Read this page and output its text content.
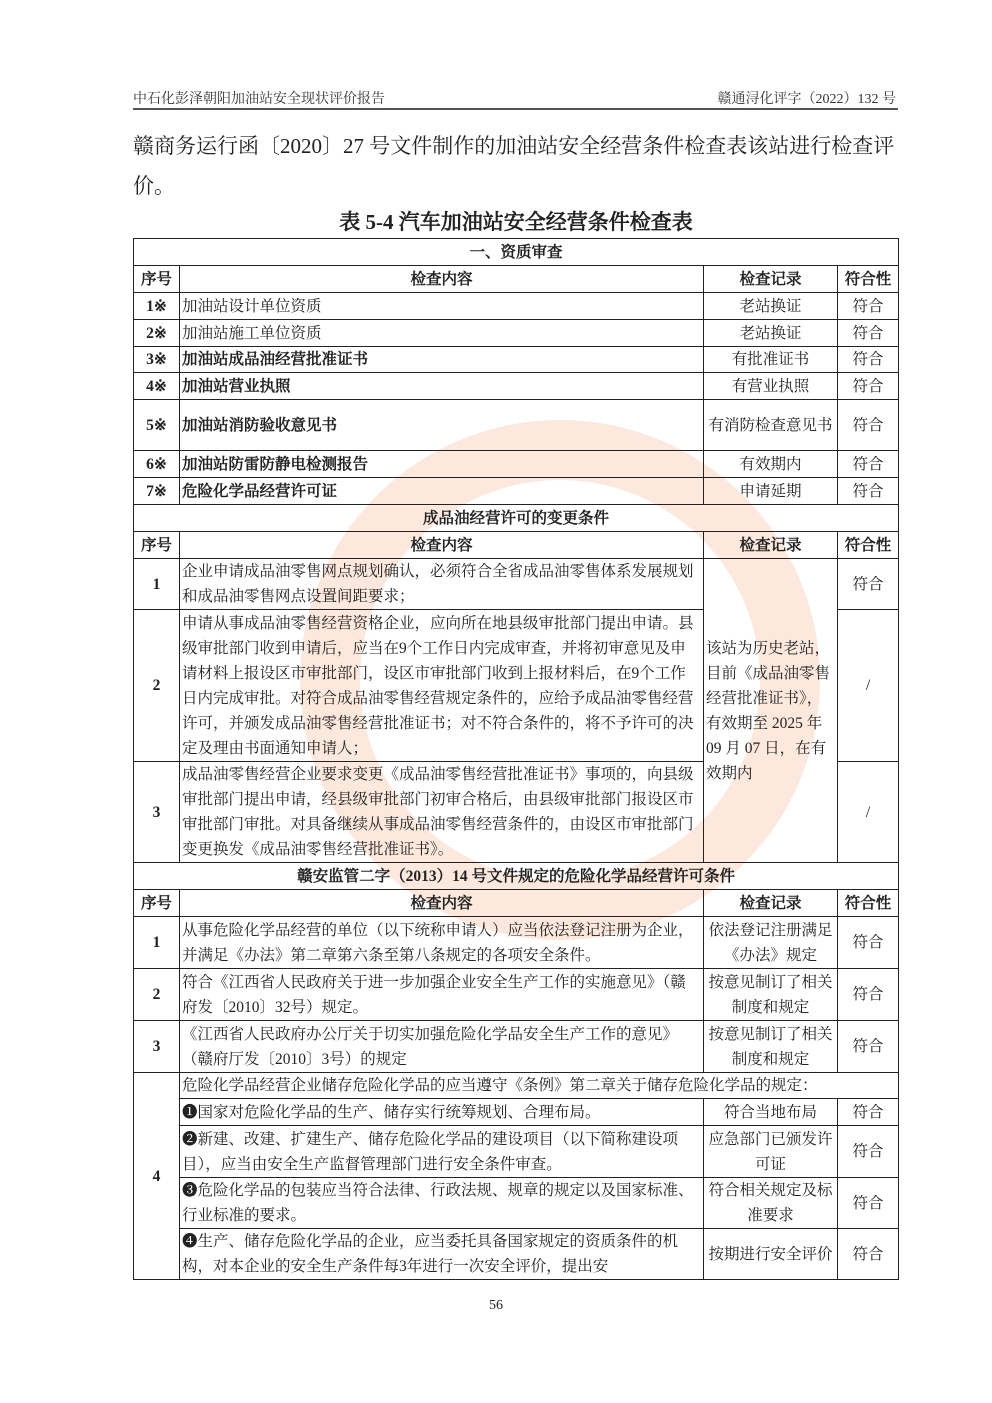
中石化彭泽朝阳加油站安全现状评价报告	赣通浔化评字（2022）132 号
赣商务运行函〔2020〕27 号文件制作的加油站安全经营条件检查表该站进行检查评价。
表 5-4 汽车加油站安全经营条件检查表
一、资质审查			
序号	检查内容	检查记录	符合性
1※	加油站设计单位资质	老站换证	符合
2※	加油站施工单位资质	老站换证	符合
3※	加油站成品油经营批准证书	有批准证书	符合
4※	加油站营业执照	有营业执照	符合
5※	加油站消防验收意见书	有消防检查意见书	符合
6※	加油站防雷防静电检测报告	有效期内	符合
7※	危险化学品经营许可证	申请延期	符合
成品油经营许可的变更条件			
序号	检查内容	检查记录	符合性
1	企业申请成品油零售网点规划确认，必须符合全省成品油零售体系发展规划和成品油零售网点设置间距要求；	该站为历史老站，目前《成品油零售经营批准证书》，有效期至 2025 年 09 月 07 日，在有效期内	符合
2	申请从事成品油零售经营资格企业，应向所在地县级审批部门提出申请。县级审批部门收到申请后，应当在9个工作日内完成审查，并将初审意见及申请材料上报设区市审批部门，设区市审批部门收到上报材料后，在9个工作日内完成审批。对符合成品油零售经营规定条件的，应给予成品油零售经营许可，并颁发成品油零售经营批准证书；对不符合条件的，将不予许可的决定及理由书面通知申请人；		/
3	成品油零售经营企业要求变更《成品油零售经营批准证书》事项的，向县级审批部门提出申请，经县级审批部门初审合格后，由县级审批部门报设区市审批部门审批。对具备继续从事成品油零售经营条件的，由设区市审批部门变更换发《成品油零售经营批准证书》。		/
赣安监管二字（2013）14 号文件规定的危险化学品经营许可条件			
序号	检查内容	检查记录	符合性
1	从事危险化学品经营的单位（以下统称申请人）应当依法登记注册为企业，并满足《办法》第二章第六条至第八条规定的各项安全条件。	依法登记注册满足《办法》规定	符合
2	符合《江西省人民政府关于进一步加强企业安全生产工作的实施意见》（赣府发〔2010〕32号）规定。	按意见制订了相关制度和规定	符合
3	《江西省人民政府办公厅关于切实加强危险化学品安全生产工作的意见》（赣府厅发〔2010〕3号）的规定	按意见制订了相关制度和规定	符合
4	危险化学品经营企业储存危险化学品的应当遵守《条例》第二章关于储存危险化学品的规定：		
	❶国家对危险化学品的生产、储存实行统筹规划、合理布局。	符合当地布局	符合
	❷新建、改建、扩建生产、储存危险化学品的建设项目（以下简称建设项目），应当由安全生产监督管理部门进行安全条件审查。	应急部门已颁发许可证	符合
	❸危险化学品的包装应当符合法律、行政法规、规章的规定以及国家标准、行业标准的要求。	符合相关规定及标准要求	符合
	❹生产、储存危险化学品的企业，应当委托具备国家规定的资质条件的机构，对本企业的安全生产条件每3年进行一次安全评价，提出安	按期进行安全评价	符合
56
